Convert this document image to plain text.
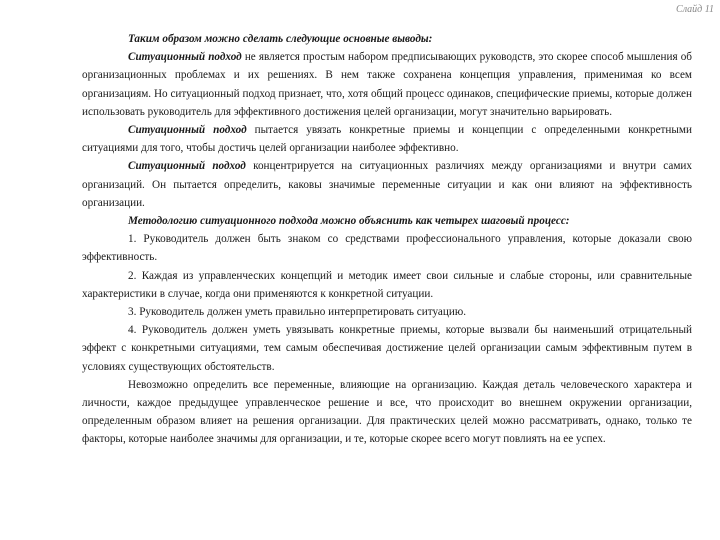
Слайд 11

Таким образом можно сделать следующие основные выводы:

Ситуационный подход не является простым набором предписывающих руководств, это скорее способ мышления об организационных проблемах и их решениях. В нем также сохранена концепция управления, применимая ко всем организациям. Но ситуационный подход признает, что, хотя общий процесс одинаков, специфические приемы, которые должен использовать руководитель для эффективного достижения целей организации, могут значительно варьировать.

Ситуационный подход пытается увязать конкретные приемы и концепции с определенными конкретными ситуациями для того, чтобы достичь целей организации наиболее эффективно.

Ситуационный подход концентрируется на ситуационных различиях между организациями и внутри самих организаций. Он пытается определить, каковы значимые переменные ситуации и как они влияют на эффективность организации.

Методологию ситуационного подхода можно объяснить как четырех шаговый процесс:

1. Руководитель должен быть знаком со средствами профессионального управления, которые доказали свою эффективность.

2. Каждая из управленческих концепций и методик имеет свои сильные и слабые стороны, или сравнительные характеристики в случае, когда они применяются к конкретной ситуации.

3. Руководитель должен уметь правильно интерпретировать ситуацию.

4. Руководитель должен уметь увязывать конкретные приемы, которые вызвали бы наименьший отрицательный эффект с конкретными ситуациями, тем самым обеспечивая достижение целей организации самым эффективным путем в условиях существующих обстоятельств.

Невозможно определить все переменные, влияющие на организацию. Каждая деталь человеческого характера и личности, каждое предыдущее управленческое решение и все, что происходит во внешнем окружении организации, определенным образом влияет на решения организации. Для практических целей можно рассматривать, однако, только те факторы, которые наиболее значимы для организации, и те, которые скорее всего могут повлиять на ее успех.
